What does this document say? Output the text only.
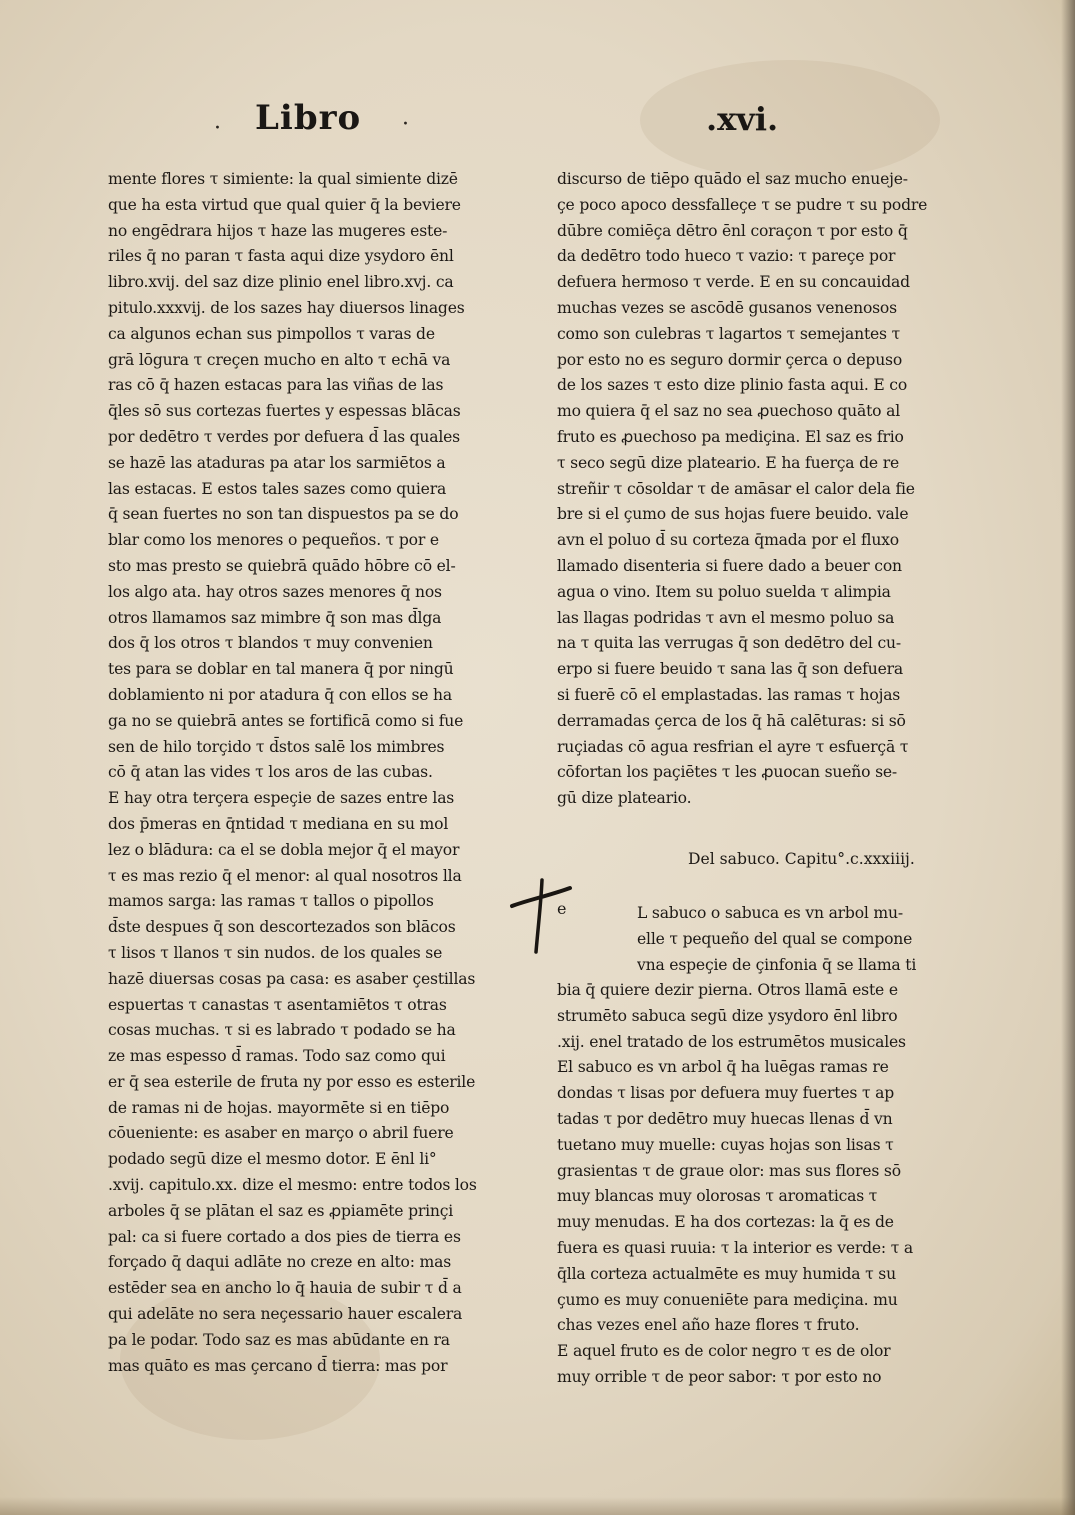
· Libro ·	.xvi.
mente flores τ simiente: la qual simiente dizē
que ha esta virtud que qual quier q̄ la beviere
no engēdrara hijos τ haze las mugeres este-
riles q̄ no paran τ fasta aqui dize ysydoro ēnl
libro.xvij. del saz dize plinio enel libro.xvj. ca
pitulo.xxxvij. de los sazes hay diuersos linages
ca algunos echan sus pimpollos τ varas de
grā lōgura τ creçen mucho en alto τ echā va
ras cō q̄ hazen estacas para las viñas de las
q̄les sō sus cortezas fuertes y espessas blācas
por dedētro τ verdes por defuera d̄ las quales
se hazē las ataduras pa atar los sarmiētos a
las estacas. E estos tales sazes como quiera
q̄ sean fuertes no son tan dispuestos pa se do
blar como los menores o pequeños. τ por e
sto mas presto se quiebrā quādo hōbre cō el-
los algo ata. hay otros sazes menores q̄ nos
otros llamamos saz mimbre q̄ son mas d̄lga
dos q̄ los otros τ blandos τ muy convenien
tes para se doblar en tal manera q̄ por ningū
doblamiento ni por atadura q̄ con ellos se ha
ga no se quiebrā antes se fortificā como si fue
sen de hilo torçido τ d̄stos salē los mimbres
cō q̄ atan las vides τ los aros de las cubas.
E hay otra terçera espeçie de sazes entre las
dos p̄meras en q̄ntidad τ mediana en su mol
lez o blādura: ca el se dobla mejor q̄ el mayor
τ es mas rezio q̄ el menor: al qual nosotros lla
mamos sarga: las ramas τ tallos o pipollos
d̄ste despues q̄ son descortezados son blācos
τ lisos τ llanos τ sin nudos. de los quales se
hazē diuersas cosas pa casa: es asaber çestillas
espuertas τ canastas τ asentamiētos τ otras
cosas muchas. τ si es labrado τ podado se ha
ze mas espesso d̄ ramas. Todo saz como qui
er q̄ sea esterile de fruta ny por esso es esterile
de ramas ni de hojas. mayormēte si en tiēpo
cōueniente: es asaber en março o abril fuere
podado segū dize el mesmo dotor. E ēnl li°
.xvij. capitulo.xx. dize el mesmo: entre todos los
arboles q̄ se plātan el saz es ꝓpiamēte prinçi
pal: ca si fuere cortado a dos pies de tierra es
forçado q̄ daqui adlāte no creze en alto: mas
estēder sea en ancho lo q̄ hauia de subir τ d̄ a
qui adelāte no sera neçessario hauer escalera
pa le podar. Todo saz es mas abūdante en ra
mas quāto es mas çercano d̄ tierra: mas por
discurso de tiēpo quādo el saz mucho enueje-
çe poco apoco dessfalleçe τ se pudre τ su podre
dūbre comiēça dētro ēnl coraçon τ por esto q̄
da dedētro todo hueco τ vazio: τ pareçe por
defuera hermoso τ verde. E en su concauidad
muchas vezes se ascōdē gusanos venenosos
como son culebras τ lagartos τ semejantes τ
por esto no es seguro dormir çerca o depuso
de los sazes τ esto dize plinio fasta aqui. E co
mo quiera q̄ el saz no sea ꝓuechoso quāto al
fruto es ꝓuechoso pa mediçina. El saz es frio
τ seco segū dize plateario. E ha fuerça de re
streñir τ cōsoldar τ de amāsar el calor dela fie
bre si el çumo de sus hojas fuere beuido. vale
avn el poluo d̄ su corteza q̄mada por el fluxo
llamado disenteria si fuere dado a beuer con
agua o vino. Item su poluo suelda τ alimpia
las llagas podridas τ avn el mesmo poluo sa
na τ quita las verrugas q̄ son dedētro del cu-
erpo si fuere beuido τ sana las q̄ son defuera
si fuerē cō el emplastadas. las ramas τ hojas
derramadas çerca de los q̄ hā calēturas: si sō
ruçiadas cō agua resfrian el ayre τ esfuerçā τ
cōfortan los paçiētes τ les ꝓuocan sueño se-
gū dize plateario.
Del sabuco. Capitu°.c.xxxiiij.
e	L sabuco o sabuca es vn arbol mu-
elle τ pequeño del qual se compone
vna espeçie de çinfonia q̄ se llama ti
bia q̄ quiere dezir pierna. Otros llamā este e
strumēto sabuca segū dize ysydoro ēnl libro
.xij. enel tratado de los estrumētos musicales
El sabuco es vn arbol q̄ ha luēgas ramas re
dondas τ lisas por defuera muy fuertes τ ap
tadas τ por dedētro muy huecas llenas d̄ vn
tuetano muy muelle: cuyas hojas son lisas τ
grasientas τ de graue olor: mas sus flores sō
muy blancas muy olorosas τ aromaticas τ
muy menudas. E ha dos cortezas: la q̄ es de
fuera es quasi ruuia: τ la interior es verde: τ a
q̄lla corteza actualmēte es muy humida τ su
çumo es muy conueniēte para mediçina. mu
chas vezes enel año haze flores τ fruto.
E aquel fruto es de color negro τ es de olor
muy orrible τ de peor sabor: τ por esto no
